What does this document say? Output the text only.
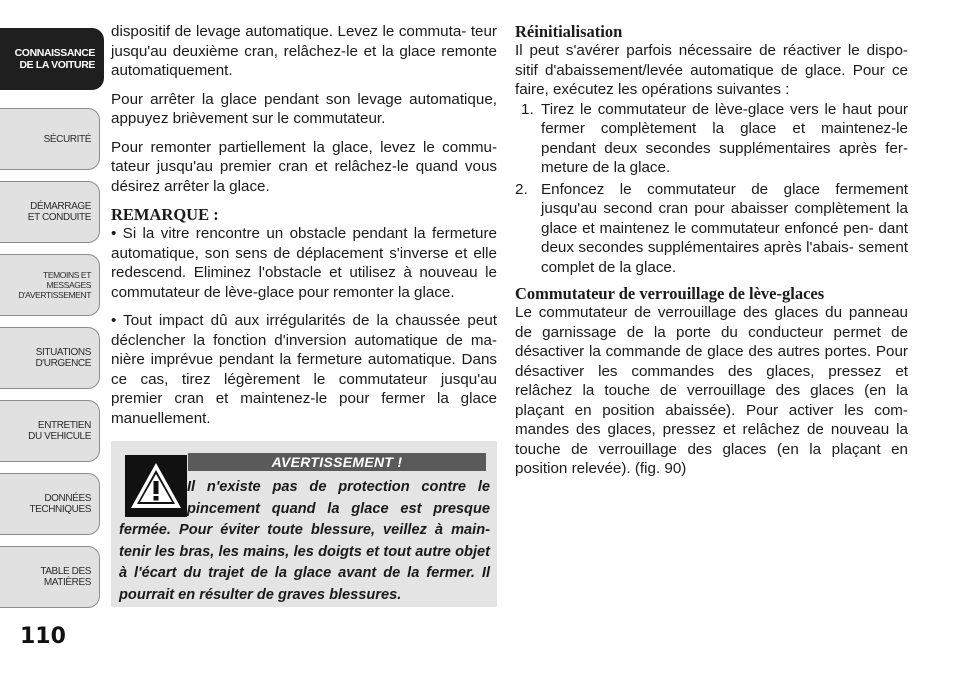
CONNAISSANCE
DE LA VOITURE
SÉCURITÉ
DÉMARRAGE
ET CONDUITE
TEMOINS ET
MESSAGES
D'AVERTISSEMENT
SITUATIONS
D'URGENCE
ENTRETIEN
DU VEHICULE
DONNÉES
TECHNIQUES
TABLE DES
MATIÈRES
110

dispositif de levage automatique. Levez le commuta- teur jusqu'au deuxième cran, relâchez-le et la glace remonte automatiquement.

Pour arrêter la glace pendant son levage automatique, appuyez brièvement sur le commutateur.

Pour remonter partiellement la glace, levez le commu- tateur jusqu'au premier cran et relâchez-le quand vous désirez arrêter la glace.

REMARQUE :

• Si la vitre rencontre un obstacle pendant la fermeture automatique, son sens de déplacement s'inverse et elle redescend. Eliminez l'obstacle et utilisez à nouveau le commutateur de lève-glace pour remonter la glace.

• Tout impact dû aux irrégularités de la chaussée peut déclencher la fonction d'inversion automatique de ma- nière imprévue pendant la fermeture automatique. Dans ce cas, tirez légèrement le commutateur jusqu'au premier cran et maintenez-le pour fermer la glace manuellement.

AVERTISSEMENT !
Il n'existe pas de protection contre le pincement quand la glace est presque fermée. Pour éviter toute blessure, veillez à main- tenir les bras, les mains, les doigts et tout autre objet à l'écart du trajet de la glace avant de la fermer. Il pourrait en résulter de graves blessures.
Réinitialisation

Il peut s'avérer parfois nécessaire de réactiver le dispo- sitif d'abaissement/levée automatique de glace. Pour ce faire, exécutez les opérations suivantes :

1. Tirez le commutateur de lève-glace vers le haut pour fermer complètement la glace et maintenez-le pendant deux secondes supplémentaires après fer- meture de la glace.
2. Enfoncez le commutateur de glace fermement jusqu'au second cran pour abaisser complètement la glace et maintenez le commutateur enfoncé pen- dant deux secondes supplémentaires après l'abais- sement complet de la glace.
Commutateur de verrouillage de lève-glaces

Le commutateur de verrouillage des glaces du panneau de garnissage de la porte du conducteur permet de désactiver la commande de glace des autres portes. Pour désactiver les commandes des glaces, pressez et relâchez la touche de verrouillage des glaces (en la plaçant en position abaissée). Pour activer les com- mandes des glaces, pressez et relâchez de nouveau la touche de verrouillage des glaces (en la plaçant en position relevée). (fig. 90)
